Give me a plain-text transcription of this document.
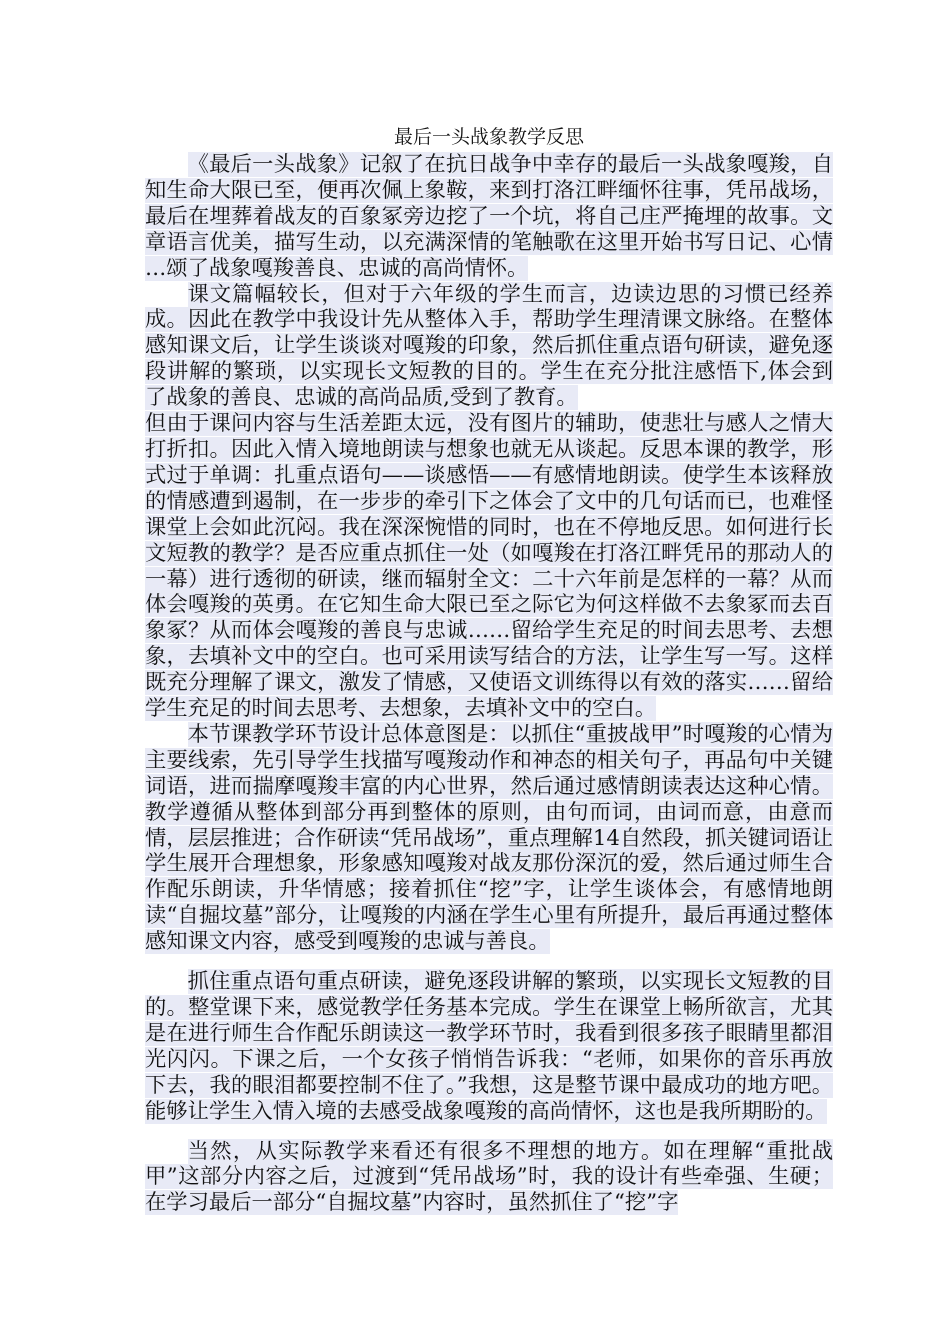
最后一头战象教学反思

《最后一头战象》记叙了在抗日战争中幸存的最后一头战象嘎羧，自知生命大限已至，便再次佩上象鞍，来到打洛江畔缅怀往事，凭吊战场，最后在埋葬着战友的百象冢旁边挖了一个坑，将自己庄严掩埋的故事。文章语言优美，描写生动，以充满深情的笔触歌在这里开始书写日记、心情 …颂了战象嘎羧善良、忠诚的高尚情怀。

课文篇幅较长，但对于六年级的学生而言，边读边思的习惯已经养成。因此在教学中我设计先从整体入手，帮助学生理清课文脉络。在整体感知课文后，让学生谈谈对嘎羧的印象，然后抓住重点语句研读，避免逐段讲解的繁琐，以实现长文短教的目的。学生在充分批注感悟下,体会到了战象的善良、忠诚的高尚品质,受到了教育。

但由于课问内容与生活差距太远，没有图片的辅助，使悲壮与感人之情大打折扣。因此入情入境地朗读与想象也就无从谈起。反思本课的教学，形式过于单调：扎重点语句——谈感悟——有感情地朗读。使学生本该释放的情感遭到遏制，在一步步的牵引下之体会了文中的几句话而已，也难怪课堂上会如此沉闷。我在深深惋惜的同时，也在不停地反思。如何进行长文短教的教学？是否应重点抓住一处（如嘎羧在打洛江畔凭吊的那动人的一幕）进行透彻的研读，继而辐射全文：二十六年前是怎样的一幕？从而体会嘎羧的英勇。在它知生命大限已至之际它为何这样做不去象冢而去百象冢？从而体会嘎羧的善良与忠诚……留给学生充足的时间去思考、去想象，去填补文中的空白。也可采用读写结合的方法，让学生写一写。这样既充分理解了课文，激发了情感，又使语文训练得以有效的落实……留给学生充足的时间去思考、去想象，去填补文中的空白。

本节课教学环节设计总体意图是：以抓住“重披战甲”时嘎羧的心情为主要线索，先引导学生找描写嘎羧动作和神态的相关句子，再品句中关键词语，进而揣摩嘎羧丰富的内心世界，然后通过感情朗读表达这种心情。教学遵循从整体到部分再到整体的原则，由句而词，由词而意，由意而情，层层推进；合作研读“凭吊战场”，重点理解14自然段，抓关键词语让学生展开合理想象，形象感知嘎羧对战友那份深沉的爱，然后通过师生合作配乐朗读，升华情感；接着抓住“挖”字，让学生谈体会，有感情地朗读“自掘坟墓”部分，让嘎羧的内涵在学生心里有所提升，最后再通过整体感知课文内容，感受到嘎羧的忠诚与善良。

抓住重点语句重点研读，避免逐段讲解的繁琐，以实现长文短教的目的。整堂课下来，感觉教学任务基本完成。学生在课堂上畅所欲言，尤其是在进行师生合作配乐朗读这一教学环节时，我看到很多孩子眼睛里都泪光闪闪。下课之后，一个女孩子悄悄告诉我：“老师，如果你的音乐再放下去，我的眼泪都要控制不住了。”我想，这是整节课中最成功的地方吧。能够让学生入情入境的去感受战象嘎羧的高尚情怀，这也是我所期盼的。

当然，从实际教学来看还有很多不理想的地方。如在理解“重批战甲”这部分内容之后，过渡到“凭吊战场”时，我的设计有些牵强、生硬；在学习最后一部分“自掘坟墓”内容时，虽然抓住了“挖”字
